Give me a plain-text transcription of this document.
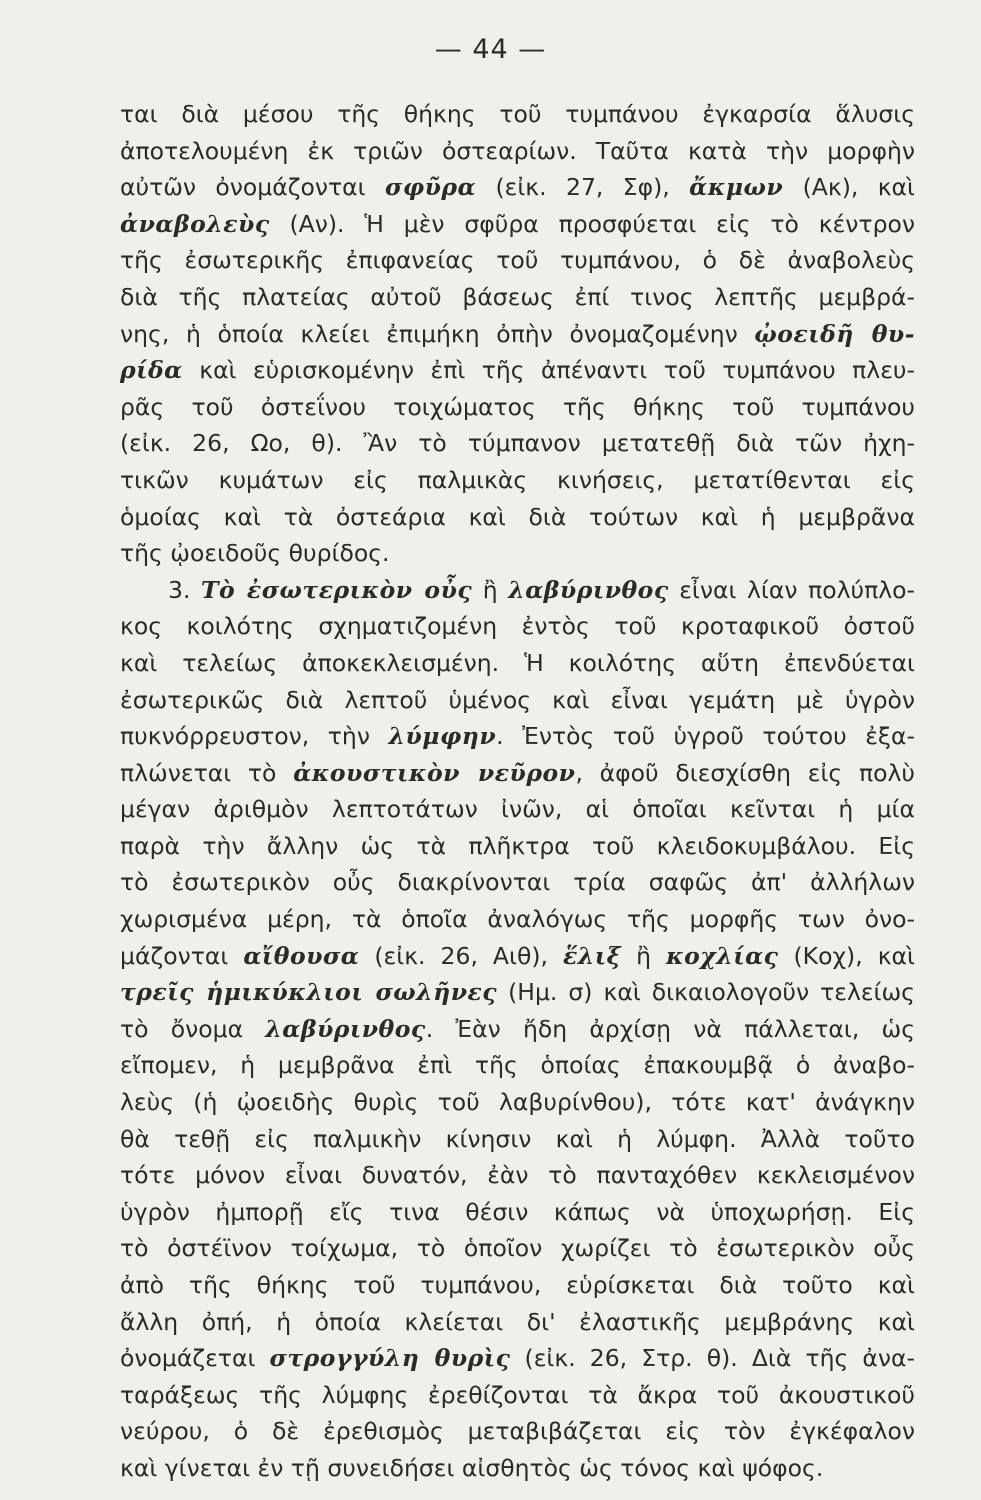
— 44 —
ται διὰ μέσου τῆς θήκης τοῦ τυμπάνου ἐγκαρσία ἅλυσις
ἀποτελουμένη ἐκ τριῶν ὀστεαρίων. Ταῦτα κατὰ τὴν μορφὴν
αὐτῶν ὀνομάζονται σφῦρα (εἰκ. 27, Σφ), ἄκμων (Ακ), καὶ
ἀναβολεὺς (Αν). Ἡ μὲν σφῦρα προσφύεται εἰς τὸ κέντρον
τῆς ἐσωτερικῆς ἐπιφανείας τοῦ τυμπάνου, ὁ δὲ ἀναβολεὺς
διὰ τῆς πλατείας αὐτοῦ βάσεως ἐπί τινος λεπτῆς μεμβρά-
νης, ἡ ὁποία κλείει ἐπιμήκη ὀπὴν ὀνομαζομένην ᾠοειδῆ θυ-
ρίδα καὶ εὑρισκομένην ἐπὶ τῆς ἀπέναντι τοῦ τυμπάνου πλευ-
ρᾶς τοῦ ὀστεΐνου τοιχώματος τῆς θήκης τοῦ τυμπάνου
(εἰκ. 26, Ωο, θ). Ἂν τὸ τύμπανον μετατεθῇ διὰ τῶν ἠχη-
τικῶν κυμάτων εἰς παλμικὰς κινήσεις, μετατίθενται εἰς
ὁμοίας καὶ τὰ ὀστεάρια καὶ διὰ τούτων καὶ ἡ μεμβρᾶνα
τῆς ᾠοειδοῦς θυρίδος.
3. Τὸ ἐσωτερικὸν οὖς ἢ λαβύρινθος εἶναι λίαν πολύπλο-
κος κοιλότης σχηματιζομένη ἐντὸς τοῦ κροταφικοῦ ὀστοῦ
καὶ τελείως ἀποκεκλεισμένη. Ἡ κοιλότης αὕτη ἐπενδύεται
ἐσωτερικῶς διὰ λεπτοῦ ὑμένος καὶ εἶναι γεμάτη μὲ ὑγρὸν
πυκνόρρευστον, τὴν λύμφην. Ἐντὸς τοῦ ὑγροῦ τούτου ἐξα-
πλώνεται τὸ ἀκουστικὸν νεῦρον, ἀφοῦ διεσχίσθη εἰς πολὺ
μέγαν ἀριθμὸν λεπτοτάτων ἰνῶν, αἱ ὁποῖαι κεῖνται ἡ μία
παρὰ τὴν ἄλλην ὡς τὰ πλῆκτρα τοῦ κλειδοκυμβάλου. Εἰς
τὸ ἐσωτερικὸν οὖς διακρίνονται τρία σαφῶς ἀπ' ἀλλήλων
χωρισμένα μέρη, τὰ ὁποῖα ἀναλόγως τῆς μορφῆς των ὀνο-
μάζονται αἴθουσα (εἰκ. 26, Αιθ), ἕλιξ ἢ κοχλίας (Κοχ), καὶ
τρεῖς ἡμικύκλιοι σωλῆνες (Ημ. σ) καὶ δικαιολογοῦν τελείως
τὸ ὄνομα λαβύρινθος. Ἐὰν ἤδη ἀρχίσῃ νὰ πάλλεται, ὡς
εἴπομεν, ἡ μεμβρᾶνα ἐπὶ τῆς ὁποίας ἐπακουμβᾷ ὁ ἀναβο-
λεὺς (ἡ ᾠοειδὴς θυρὶς τοῦ λαβυρίνθου), τότε κατ' ἀνάγκην
θὰ τεθῇ εἰς παλμικὴν κίνησιν καὶ ἡ λύμφη. Ἀλλὰ τοῦτο
τότε μόνον εἶναι δυνατόν, ἐὰν τὸ πανταχόθεν κεκλεισμένον
ὑγρὸν ἠμπορῇ εἴς τινα θέσιν κάπως νὰ ὑποχωρήσῃ. Εἰς
τὸ ὀστέϊνον τοίχωμα, τὸ ὁποῖον χωρίζει τὸ ἐσωτερικὸν οὖς
ἀπὸ τῆς θήκης τοῦ τυμπάνου, εὑρίσκεται διὰ τοῦτο καὶ
ἄλλη ὀπή, ἡ ὁποία κλείεται δι' ἐλαστικῆς μεμβράνης καὶ
ὀνομάζεται στρογγύλη θυρὶς (εἰκ. 26, Στρ. θ). Διὰ τῆς ἀνα-
ταράξεως τῆς λύμφης ἐρεθίζονται τὰ ἄκρα τοῦ ἀκουστικοῦ
νεύρου, ὁ δὲ ἐρεθισμὸς μεταβιβάζεται εἰς τὸν ἐγκέφαλον
καὶ γίνεται ἐν τῇ συνειδήσει αἰσθητὸς ὡς τόνος καὶ ψόφος.
